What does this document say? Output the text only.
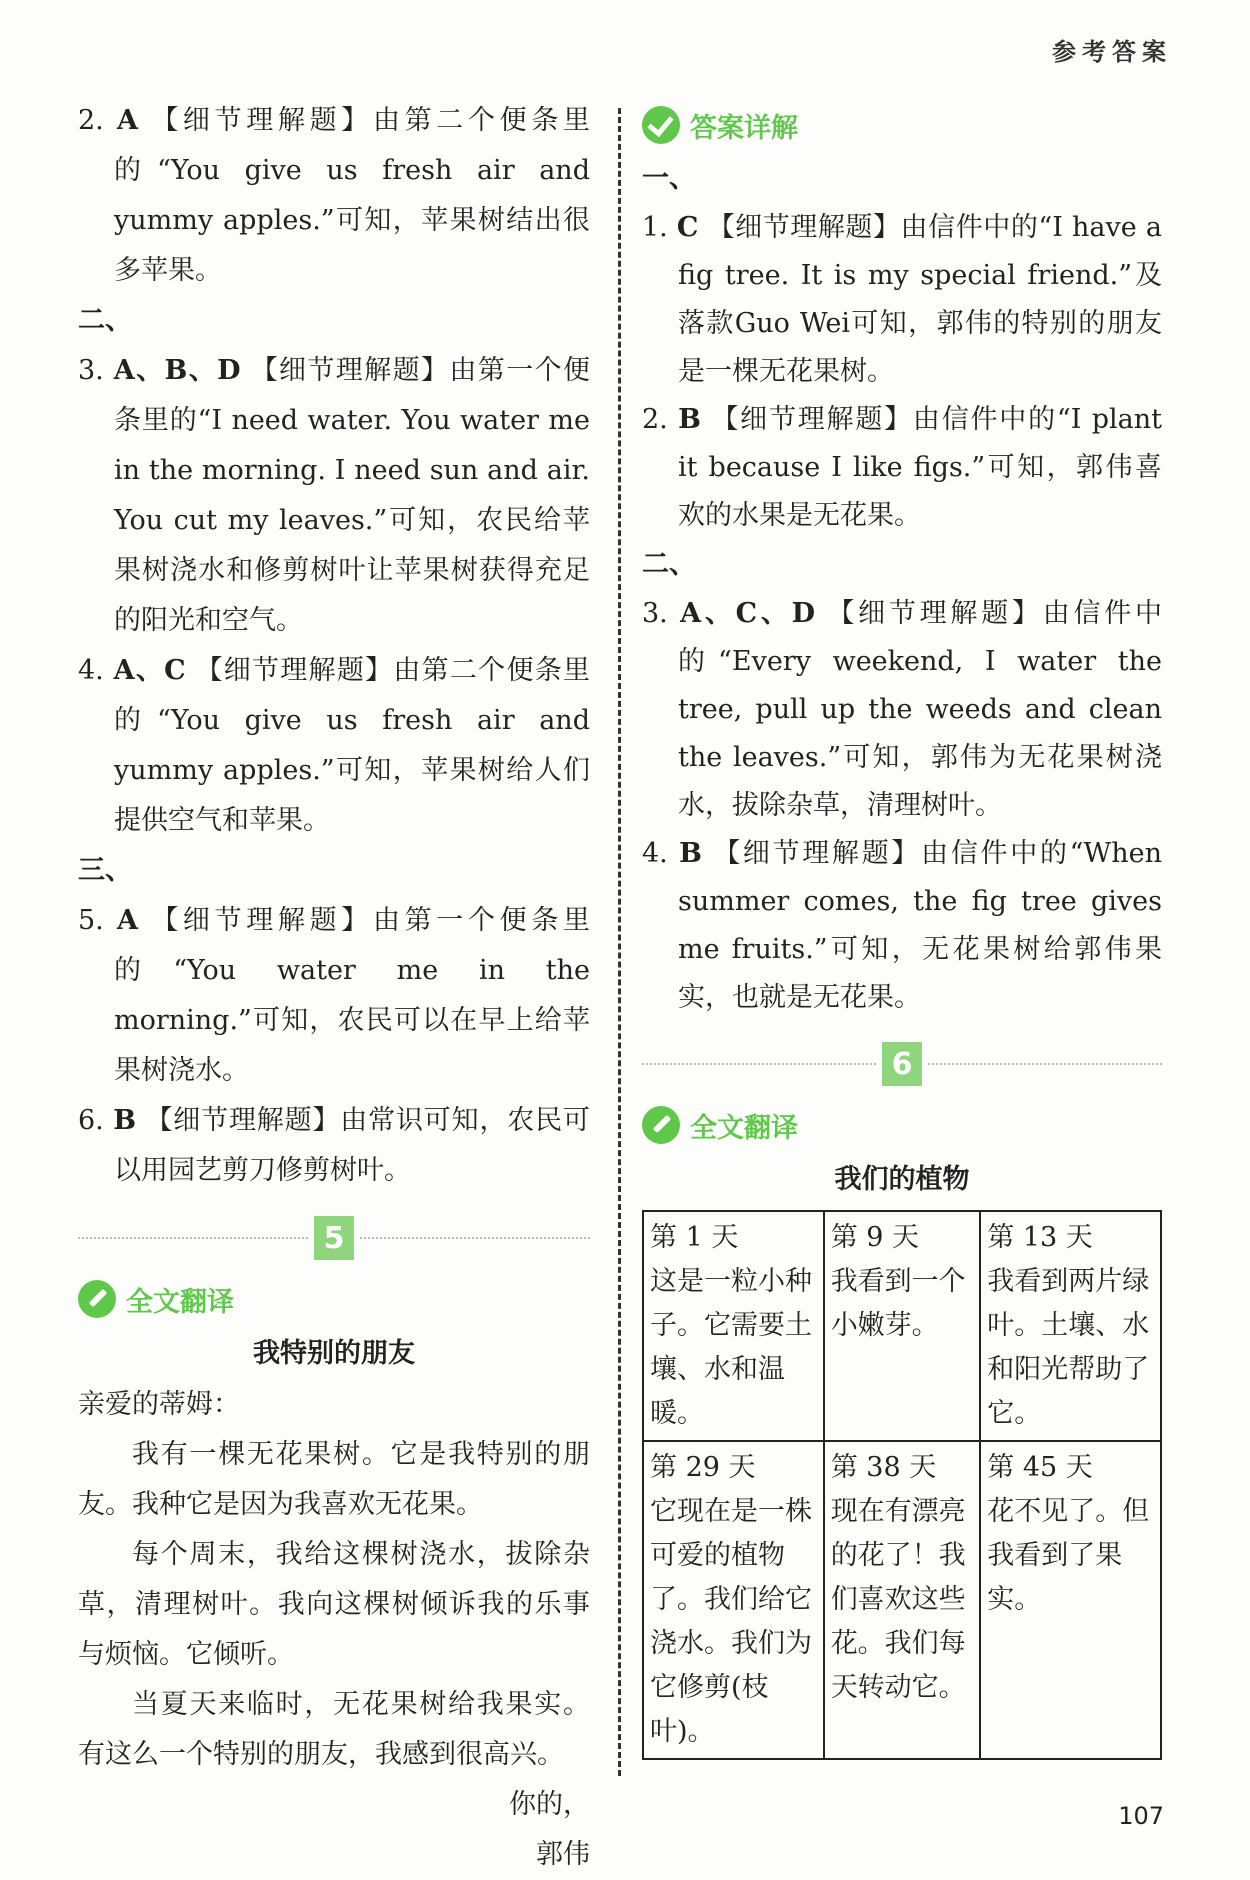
参考答案
2. A 【细节理解题】由第二个便条里的“You give us fresh air and yummy apples.”可知，苹果树结出很多苹果。

二、

3. A、B、D 【细节理解题】由第一个便条里的“I need water. You water me in the morning. I need sun and air. You cut my leaves.”可知，农民给苹果树浇水和修剪树叶让苹果树获得充足的阳光和空气。
4. A、C 【细节理解题】由第二个便条里的“You give us fresh air and yummy apples.”可知，苹果树给人们提供空气和苹果。

三、

5. A 【细节理解题】由第一个便条里的“You water me in the morning.”可知，农民可以在早上给苹果树浇水。
6. B 【细节理解题】由常识可知，农民可以用园艺剪刀修剪树叶。
5
全文翻译

我特别的朋友

亲爱的蒂姆：

我有一棵无花果树。它是我特别的朋友。我种它是因为我喜欢无花果。

每个周末，我给这棵树浇水，拔除杂草，清理树叶。我向这棵树倾诉我的乐事与烦恼。它倾听。

当夏天来临时，无花果树给我果实。有这么一个特别的朋友，我感到很高兴。

你的，

郭伟

答案详解

一、

1. C 【细节理解题】由信件中的“I have a fig tree. It is my special friend.”及落款Guo Wei可知，郭伟的特别的朋友是一棵无花果树。
2. B 【细节理解题】由信件中的“I plant it because I like figs.”可知，郭伟喜欢的水果是无花果。

二、

3. A、C、D 【细节理解题】由信件中的“Every weekend, I water the tree, pull up the weeds and clean the leaves.”可知，郭伟为无花果树浇水，拔除杂草，清理树叶。
4. B 【细节理解题】由信件中的“When summer comes, the fig tree gives me fruits.”可知，无花果树给郭伟果实，也就是无花果。
6
全文翻译

我们的植物

第 1 天
这是一粒小种子。它需要土壤、水和温暖。	第 9 天
我看到一个小嫩芽。	第 13 天
我看到两片绿叶。土壤、水和阳光帮助了它。

第 29 天
它现在是一株可爱的植物了。我们给它浇水。我们为它修剪(枝叶)。	第 38 天
现在有漂亮的花了！我们喜欢这些花。我们每天转动它。	第 45 天
花不见了。但我看到了果实。
107
